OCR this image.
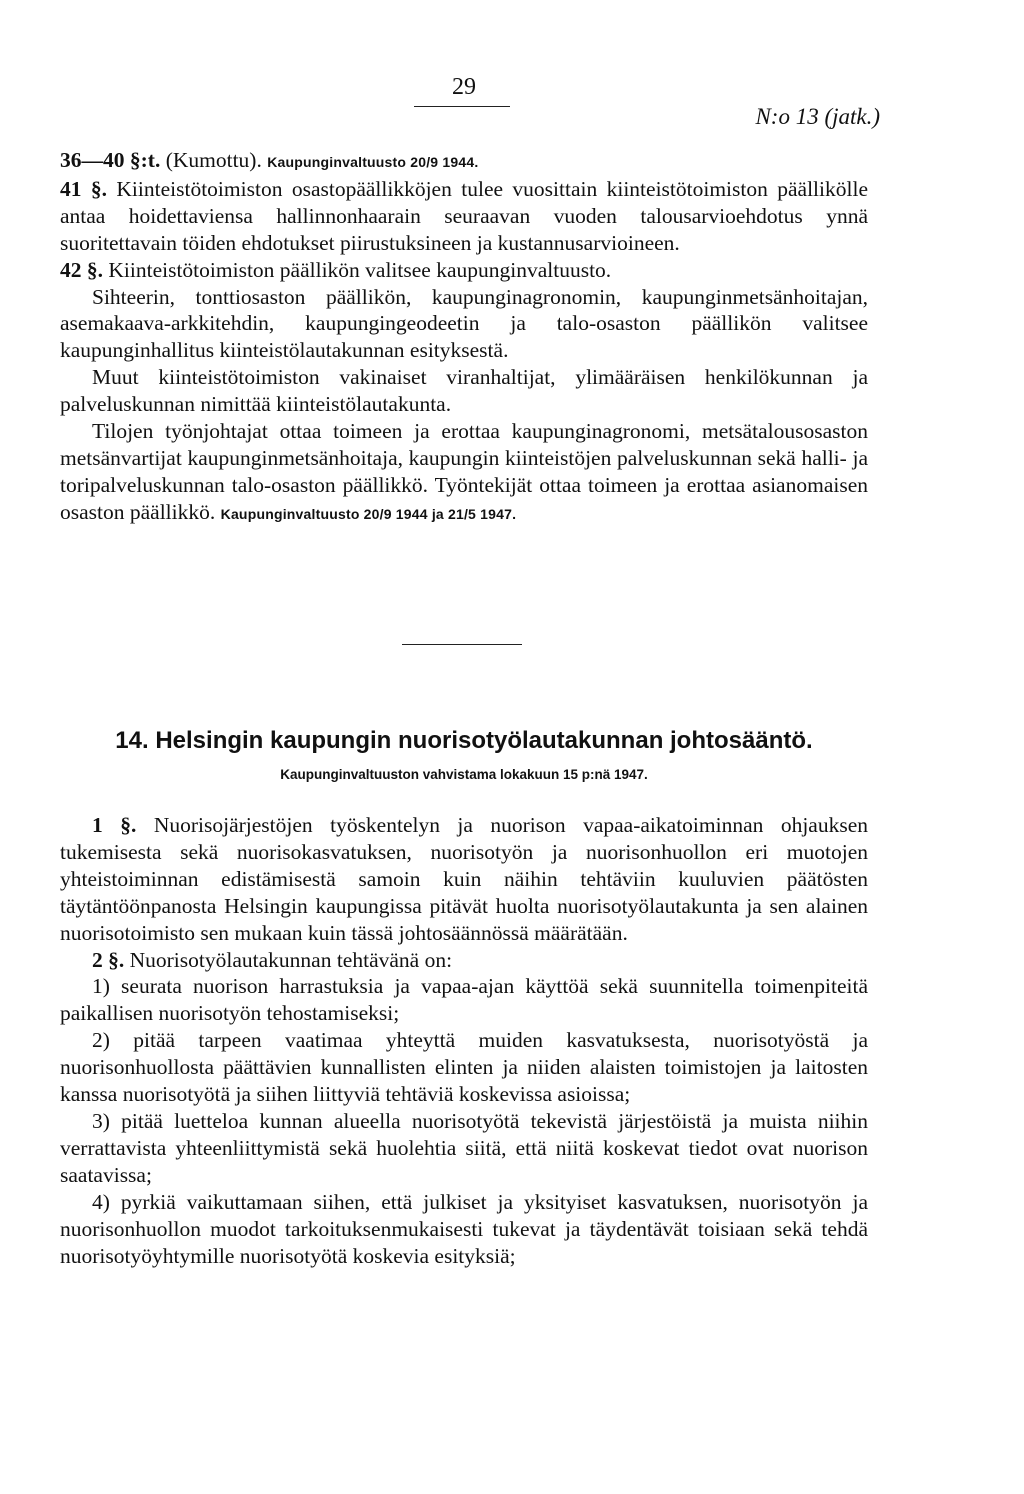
29
N:o 13 (jatk.)

36—40 §:t. (Kumottu). Kaupunginvaltuusto 20/9 1944.

41 §. Kiinteistötoimiston osastopäällikköjen tulee vuosittain kiinteistötoimiston päällikölle antaa hoidettaviensa hallinnonhaarain seuraavan vuoden talousarvioehdotus ynnä suoritettavain töiden ehdotukset piirustuksineen ja kustannusarvioineen.

42 §. Kiinteistötoimiston päällikön valitsee kaupunginvaltuusto.

Sihteerin, tonttiosaston päällikön, kaupunginagronomin, kaupunginmetsänhoitajan, asemakaava-arkkitehdin, kaupungingeodeetin ja talo-osaston päällikön valitsee kaupunginhallitus kiinteistölautakunnan esityksestä.

Muut kiinteistötoimiston vakinaiset viranhaltijat, ylimääräisen henkilökunnan ja palveluskunnan nimittää kiinteistölautakunta.

Tilojen työnjohtajat ottaa toimeen ja erottaa kaupunginagronomi, metsätalousosaston metsänvartijat kaupunginmetsänhoitaja, kaupungin kiinteistöjen palveluskunnan sekä halli- ja toripalveluskunnan talo-osaston päällikkö. Työntekijät ottaa toimeen ja erottaa asianomaisen osaston päällikkö. Kaupunginvaltuusto 20/9 1944 ja 21/5 1947.

14. Helsingin kaupungin nuorisotyölautakunnan johtosääntö.
Kaupunginvaltuuston vahvistama lokakuun 15 p:nä 1947.

1 §. Nuorisojärjestöjen työskentelyn ja nuorison vapaa-aikatoiminnan ohjauksen tukemisesta sekä nuorisokasvatuksen, nuorisotyön ja nuorisonhuollon eri muotojen yhteistoiminnan edistämisestä samoin kuin näihin tehtäviin kuuluvien päätösten täytäntöönpanosta Helsingin kaupungissa pitävät huolta nuorisotyölautakunta ja sen alainen nuorisotoimisto sen mukaan kuin tässä johtosäännössä määrätään.

2 §. Nuorisotyölautakunnan tehtävänä on:

1) seurata nuorison harrastuksia ja vapaa-ajan käyttöä sekä suunnitella toimenpiteitä paikallisen nuorisotyön tehostamiseksi;

2) pitää tarpeen vaatimaa yhteyttä muiden kasvatuksesta, nuorisotyöstä ja nuorisonhuollosta päättävien kunnallisten elinten ja niiden alaisten toimistojen ja laitosten kanssa nuorisotyötä ja siihen liittyviä tehtäviä koskevissa asioissa;

3) pitää luetteloa kunnan alueella nuorisotyötä tekevistä järjestöistä ja muista niihin verrattavista yhteenliittymistä sekä huolehtia siitä, että niitä koskevat tiedot ovat nuorison saatavissa;

4) pyrkiä vaikuttamaan siihen, että julkiset ja yksityiset kasvatuksen, nuorisotyön ja nuorisonhuollon muodot tarkoituksenmukaisesti tukevat ja täydentävät toisiaan sekä tehdä nuorisotyöyhtymille nuorisotyötä koskevia esityksiä;
